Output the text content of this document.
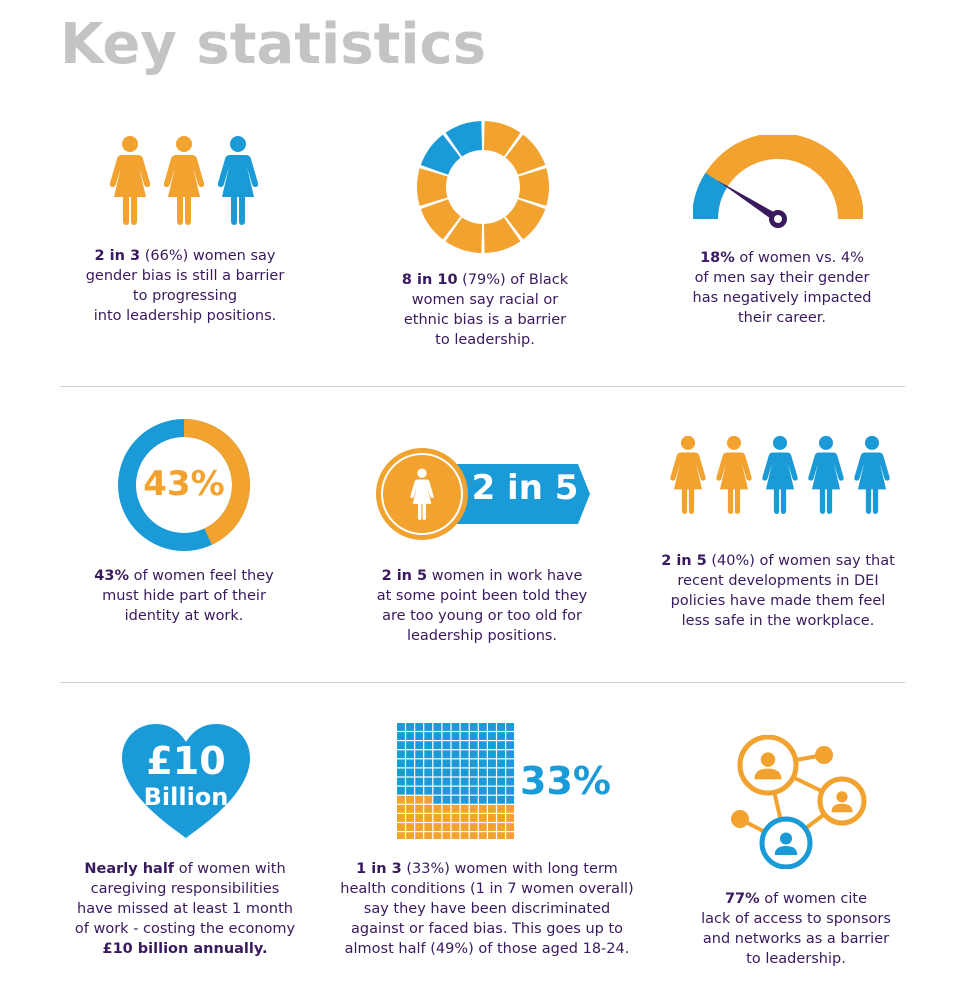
Key statistics
2 in 3 (66%) women say
gender bias is still a barrier
to progressing
into leadership positions.
8 in 10 (79%) of Black
women say racial or
ethnic bias is a barrier
to leadership.
18% of women vs. 4%
of men say their gender
has negatively impacted
their career.
43%
43% of women feel they
must hide part of their
identity at work.
2 in 5
2 in 5 women in work have
at some point been told they
are too young or too old for
leadership positions.
2 in 5 (40%) of women say that
recent developments in DEI
policies have made them feel
less safe in the workplace.
£10
Billion
Nearly half of women with
caregiving responsibilities
have missed at least 1 month
of work - costing the economy
£10 billion annually.
33%
1 in 3 (33%) women with long term
health conditions (1 in 7 women overall)
say they have been discriminated
against or faced bias. This goes up to
almost half (49%) of those aged 18-24.
77% of women cite
lack of access to sponsors
and networks as a barrier
to leadership.
